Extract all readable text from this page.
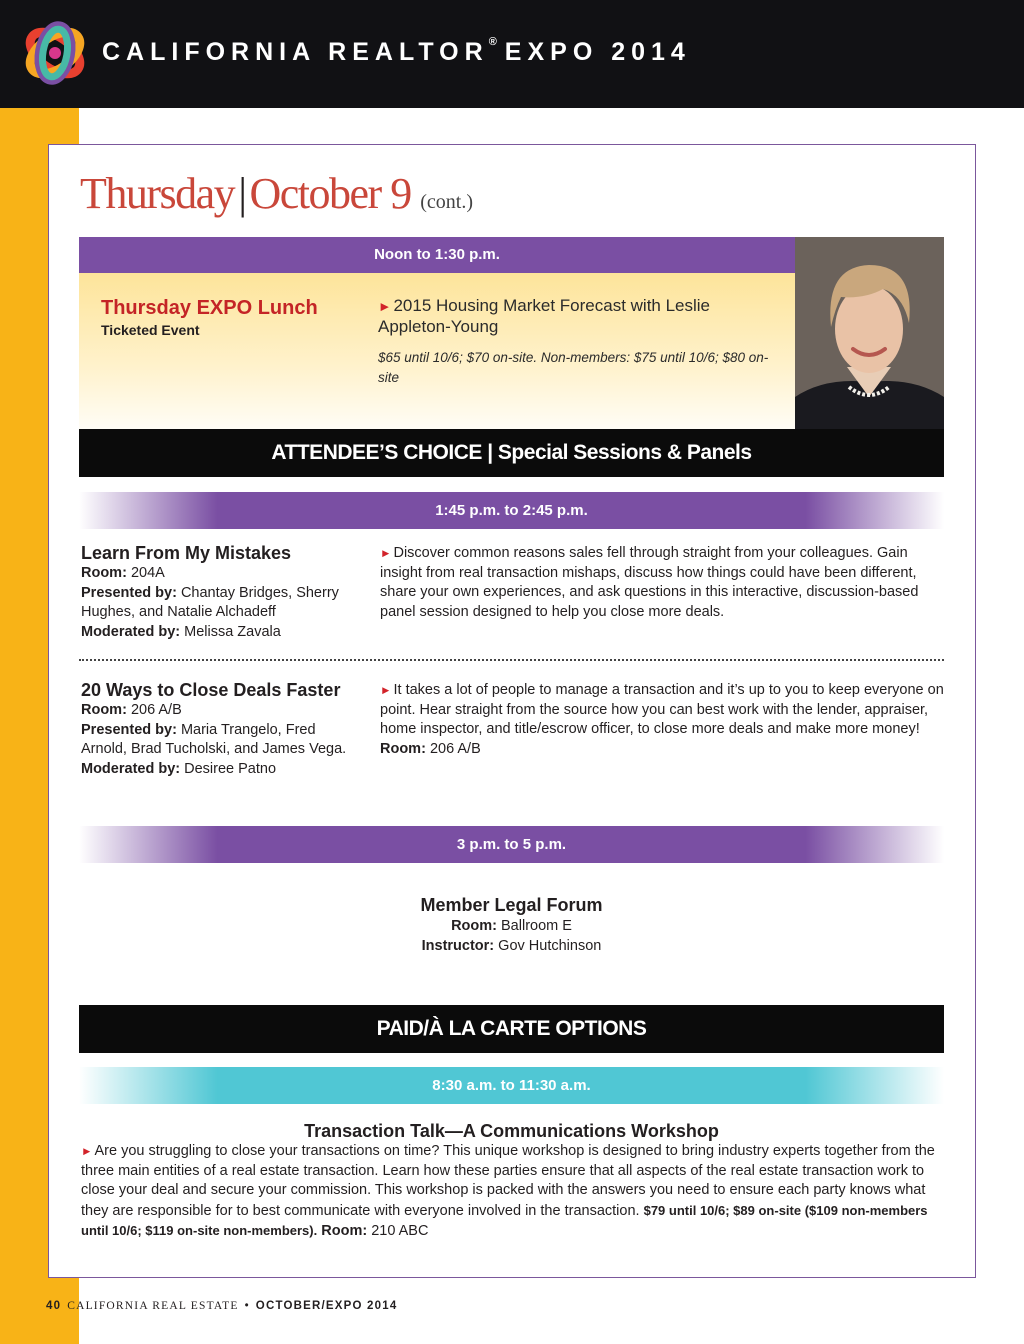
CALIFORNIA REALTOR® EXPO 2014
Thursday|October 9 (cont.)
Noon to 1:30 p.m.
Thursday EXPO Lunch
Ticketed Event
► 2015 Housing Market Forecast with Leslie Appleton-Young
$65 until 10/6; $70 on-site. Non-members: $75 until 10/6; $80 on-site
ATTENDEE’S CHOICE | Special Sessions & Panels
1:45 p.m. to 2:45 p.m.
Learn From My Mistakes
Room: 204A
Presented by: Chantay Bridges, Sherry Hughes, and Natalie Alchadeff
Moderated by: Melissa Zavala
► Discover common reasons sales fell through straight from your colleagues. Gain insight from real transaction mishaps, discuss how things could have been different, share your own experiences, and ask questions in this interactive, discussion-based panel session designed to help you close more deals.
20 Ways to Close Deals Faster
Room: 206 A/B
Presented by: Maria Trangelo, Fred Arnold, Brad Tucholski, and James Vega.
Moderated by: Desiree Patno
► It takes a lot of people to manage a transaction and it’s up to you to keep everyone on point. Hear straight from the source how you can best work with the lender, appraiser, home inspector, and title/escrow officer, to close more deals and make more money! Room: 206 A/B
3 p.m. to 5 p.m.
Member Legal Forum
Room: Ballroom E
Instructor: Gov Hutchinson
PAID/À LA CARTE OPTIONS
8:30 a.m. to 11:30 a.m.
Transaction Talk—A Communications Workshop
► Are you struggling to close your transactions on time? This unique workshop is designed to bring industry experts together from the three main entities of a real estate transaction. Learn how these parties ensure that all aspects of the real estate transaction work to close your deal and secure your commission. This workshop is packed with the answers you need to ensure each party knows what they are responsible for to best communicate with everyone involved in the transaction. $79 until 10/6; $89 on-site ($109 non-members until 10/6; $119 on-site non-members). Room: 210 ABC
40 CALIFORNIA REAL ESTATE • OCTOBER/EXPO 2014
